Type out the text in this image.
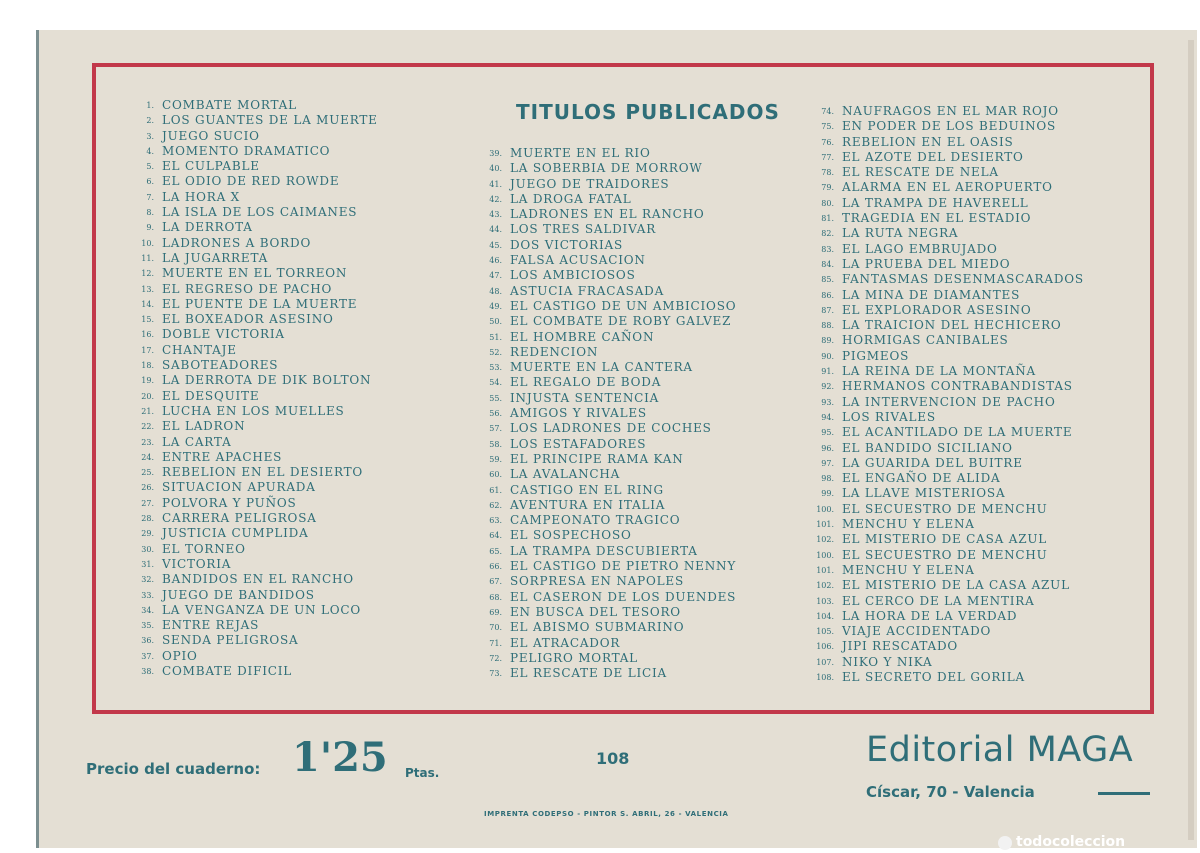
TITULOS PUBLICADOS
1. COMBATE MORTAL
2. LOS GUANTES DE LA MUERTE
3. JUEGO SUCIO
4. MOMENTO DRAMATICO
5. EL CULPABLE
6. EL ODIO DE RED ROWDE
7. LA HORA X
8. LA ISLA DE LOS CAIMANES
9. LA DERROTA
10. LADRONES A BORDO
11. LA JUGARRETA
12. MUERTE EN EL TORREON
13. EL REGRESO DE PACHO
14. EL PUENTE DE LA MUERTE
15. EL BOXEADOR ASESINO
16. DOBLE VICTORIA
17. CHANTAJE
18. SABOTEADORES
19. LA DERROTA DE DIK BOLTON
20. EL DESQUITE
21. LUCHA EN LOS MUELLES
22. EL LADRON
23. LA CARTA
24. ENTRE APACHES
25. REBELION EN EL DESIERTO
26. SITUACION APURADA
27. POLVORA Y PUÑOS
28. CARRERA PELIGROSA
29. JUSTICIA CUMPLIDA
30. EL TORNEO
31. VICTORIA
32. BANDIDOS EN EL RANCHO
33. JUEGO DE BANDIDOS
34. LA VENGANZA DE UN LOCO
35. ENTRE REJAS
36. SENDA PELIGROSA
37. OPIO
38. COMBATE DIFICIL
39. MUERTE EN EL RIO
40. LA SOBERBIA DE MORROW
41. JUEGO DE TRAIDORES
42. LA DROGA FATAL
43. LADRONES EN EL RANCHO
44. LOS TRES SALDIVAR
45. DOS VICTORIAS
46. FALSA ACUSACION
47. LOS AMBICIOSOS
48. ASTUCIA FRACASADA
49. EL CASTIGO DE UN AMBICIOSO
50. EL COMBATE DE ROBY GALVEZ
51. EL HOMBRE CAÑON
52. REDENCION
53. MUERTE EN LA CANTERA
54. EL REGALO DE BODA
55. INJUSTA SENTENCIA
56. AMIGOS Y RIVALES
57. LOS LADRONES DE COCHES
58. LOS ESTAFADORES
59. EL PRINCIPE RAMA KAN
60. LA AVALANCHA
61. CASTIGO EN EL RING
62. AVENTURA EN ITALIA
63. CAMPEONATO TRAGICO
64. EL SOSPECHOSO
65. LA TRAMPA DESCUBIERTA
66. EL CASTIGO DE PIETRO NENNY
67. SORPRESA EN NAPOLES
68. EL CASERON DE LOS DUENDES
69. EN BUSCA DEL TESORO
70. EL ABISMO SUBMARINO
71. EL ATRACADOR
72. PELIGRO MORTAL
73. EL RESCATE DE LICIA
74. NAUFRAGOS EN EL MAR ROJO
75. EN PODER DE LOS BEDUINOS
76. REBELION EN EL OASIS
77. EL AZOTE DEL DESIERTO
78. EL RESCATE DE NELA
79. ALARMA EN EL AEROPUERTO
80. LA TRAMPA DE HAVERELL
81. TRAGEDIA EN EL ESTADIO
82. LA RUTA NEGRA
83. EL LAGO EMBRUJADO
84. LA PRUEBA DEL MIEDO
85. FANTASMAS DESENMASCARADOS
86. LA MINA DE DIAMANTES
87. EL EXPLORADOR ASESINO
88. LA TRAICION DEL HECHICERO
89. HORMIGAS CANIBALES
90. PIGMEOS
91. LA REINA DE LA MONTAÑA
92. HERMANOS CONTRABANDISTAS
93. LA INTERVENCION DE PACHO
94. LOS RIVALES
95. EL ACANTILADO DE LA MUERTE
96. EL BANDIDO SICILIANO
97. LA GUARIDA DEL BUITRE
98. EL ENGAÑO DE ALIDA
99. LA LLAVE MISTERIOSA
100. EL SECUESTRO DE MENCHU
101. MENCHU Y ELENA
102. EL MISTERIO DE CASA AZUL
100. EL SECUESTRO DE MENCHU
101. MENCHU Y ELENA
102. EL MISTERIO DE LA CASA AZUL
103. EL CERCO DE LA MENTIRA
104. LA HORA DE LA VERDAD
105. VIAJE ACCIDENTADO
106. JIPI RESCATADO
107. NIKO Y NIKA
108. EL SECRETO DEL GORILA
Precio del cuaderno: 1'25 Ptas.
108	Editorial MAGA
Císcar, 70 - Valencia
IMPRENTA CODEPSO - PINTOR S. ABRIL, 26 - VALENCIA
todocoleccion
